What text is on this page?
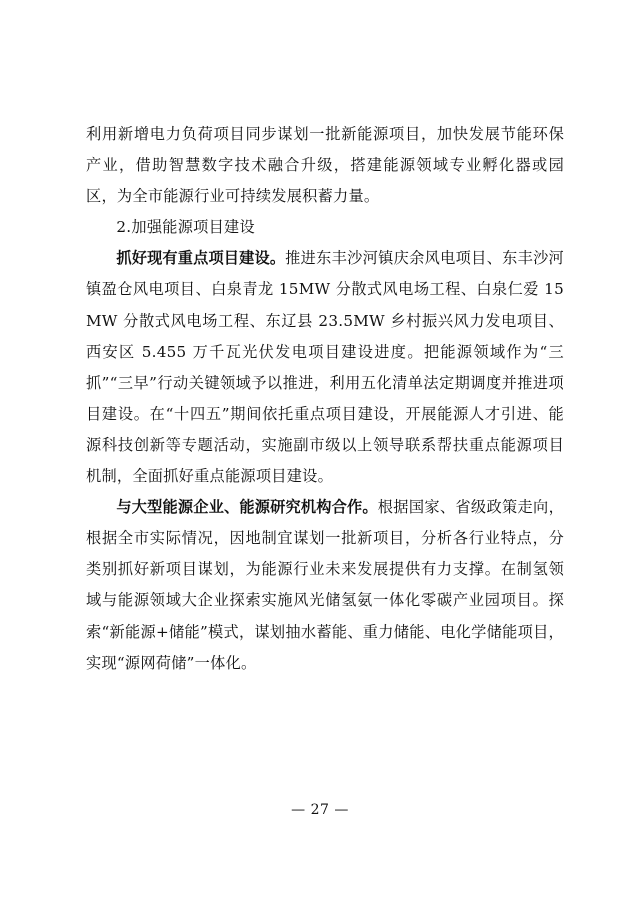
利用新增电力负荷项目同步谋划一批新能源项目，加快发展节能环保产业，借助智慧数字技术融合升级，搭建能源领域专业孵化器或园区，为全市能源行业可持续发展积蓄力量。

2.加强能源项目建设

抓好现有重点项目建设。推进东丰沙河镇庆余风电项目、东丰沙河镇盈仓风电项目、白泉青龙 15MW 分散式风电场工程、白泉仁爱 15MW 分散式风电场工程、东辽县 23.5MW 乡村振兴风力发电项目、西安区 5.455 万千瓦光伏发电项目建设进度。把能源领域作为“三抓”“三早”行动关键领域予以推进，利用五化清单法定期调度并推进项目建设。在“十四五”期间依托重点项目建设，开展能源人才引进、能源科技创新等专题活动，实施副市级以上领导联系帮扶重点能源项目机制，全面抓好重点能源项目建设。

与大型能源企业、能源研究机构合作。根据国家、省级政策走向，根据全市实际情况，因地制宜谋划一批新项目，分析各行业特点，分类别抓好新项目谋划，为能源行业未来发展提供有力支撑。在制氢领域与能源领域大企业探索实施风光储氢氨一体化零碳产业园项目。探索“新能源+储能”模式，谋划抽水蓄能、重力储能、电化学储能项目，实现“源网荷储”一体化。

— 27 —
